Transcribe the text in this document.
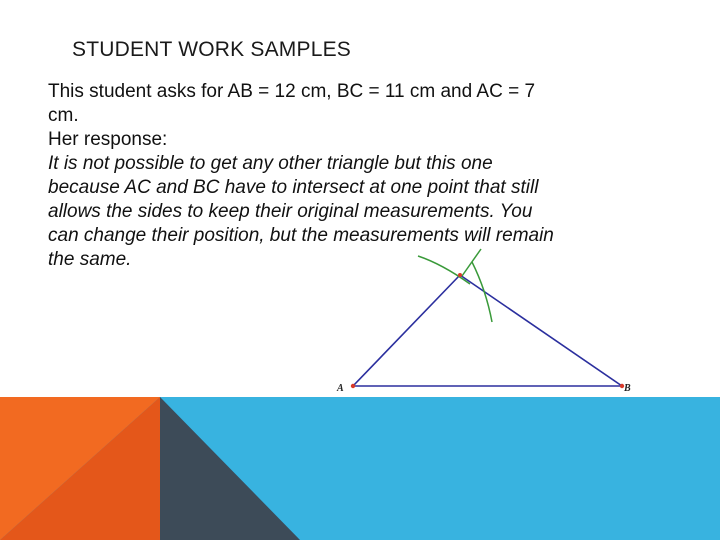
STUDENT WORK SAMPLES
This student asks for AB = 12 cm, BC = 11 cm and AC = 7
cm.
Her response:
It is not possible to get any other triangle but this one
because AC and BC have to intersect at one point that still
allows the sides to keep their original measurements. You
can change their position, but the measurements will remain
the same.
A	B
